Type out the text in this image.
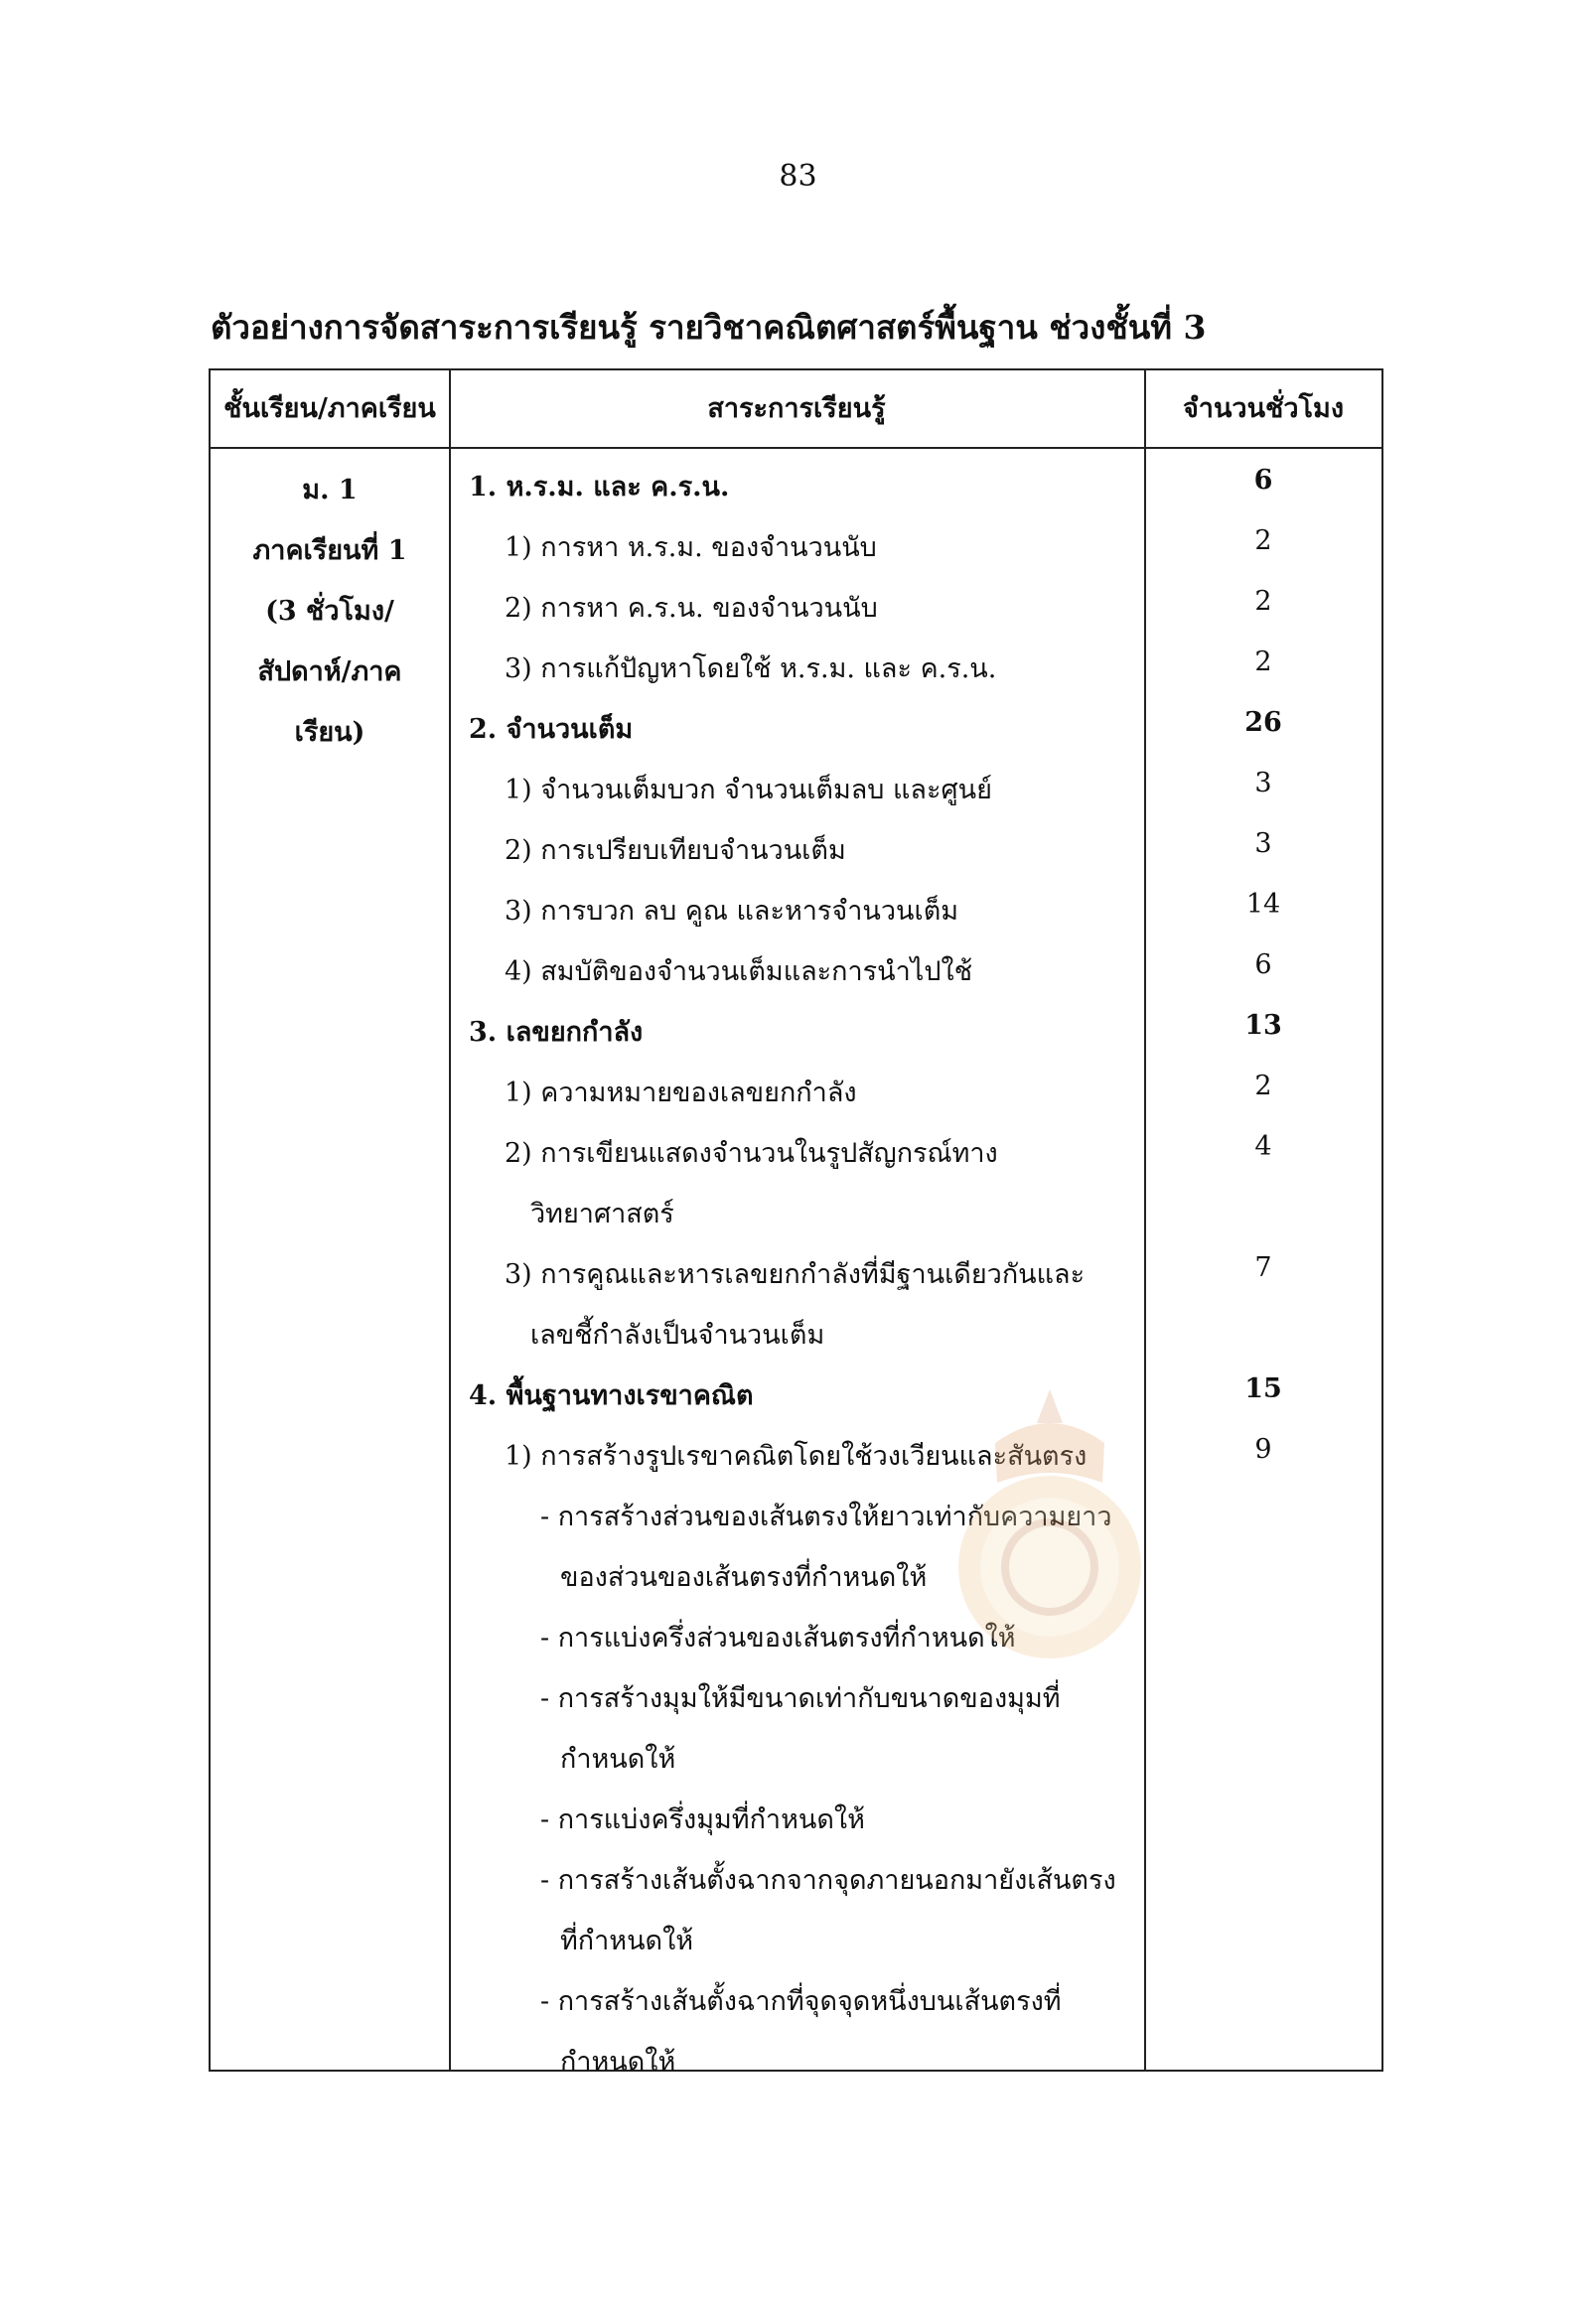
83
ตัวอย่างการจัดสาระการเรียนรู้ รายวิชาคณิตศาสตร์พื้นฐาน ช่วงชั้นที่ 3
ชั้นเรียน/ภาคเรียน	สาระการเรียนรู้	จำนวนชั่วโมง
ม. 1
ภาคเรียนที่ 1
(3 ชั่วโมง/
สัปดาห์/ภาค
เรียน)
1. ห.ร.ม. และ ค.ร.น.	6
1) การหา ห.ร.ม. ของจำนวนนับ	2
2) การหา ค.ร.น. ของจำนวนนับ	2
3) การแก้ปัญหาโดยใช้ ห.ร.ม. และ ค.ร.น.	2
2. จำนวนเต็ม	26
1) จำนวนเต็มบวก จำนวนเต็มลบ และศูนย์	3
2) การเปรียบเทียบจำนวนเต็ม	3
3) การบวก ลบ คูณ และหารจำนวนเต็ม	14
4) สมบัติของจำนวนเต็มและการนำไปใช้	6
3. เลขยกกำลัง	13
1) ความหมายของเลขยกกำลัง	2
2) การเขียนแสดงจำนวนในรูปสัญกรณ์ทาง	4
วิทยาศาสตร์
3) การคูณและหารเลขยกกำลังที่มีฐานเดียวกันและ	7
เลขชี้กำลังเป็นจำนวนเต็ม
4. พื้นฐานทางเรขาคณิต	15
1) การสร้างรูปเรขาคณิตโดยใช้วงเวียนและสันตรง	9
- การสร้างส่วนของเส้นตรงให้ยาวเท่ากับความยาว
ของส่วนของเส้นตรงที่กำหนดให้
- การแบ่งครึ่งส่วนของเส้นตรงที่กำหนดให้
- การสร้างมุมให้มีขนาดเท่ากับขนาดของมุมที่
กำหนดให้
- การแบ่งครึ่งมุมที่กำหนดให้
- การสร้างเส้นตั้งฉากจากจุดภายนอกมายังเส้นตรง
ที่กำหนดให้
- การสร้างเส้นตั้งฉากที่จุดจุดหนึ่งบนเส้นตรงที่
กำหนดให้
